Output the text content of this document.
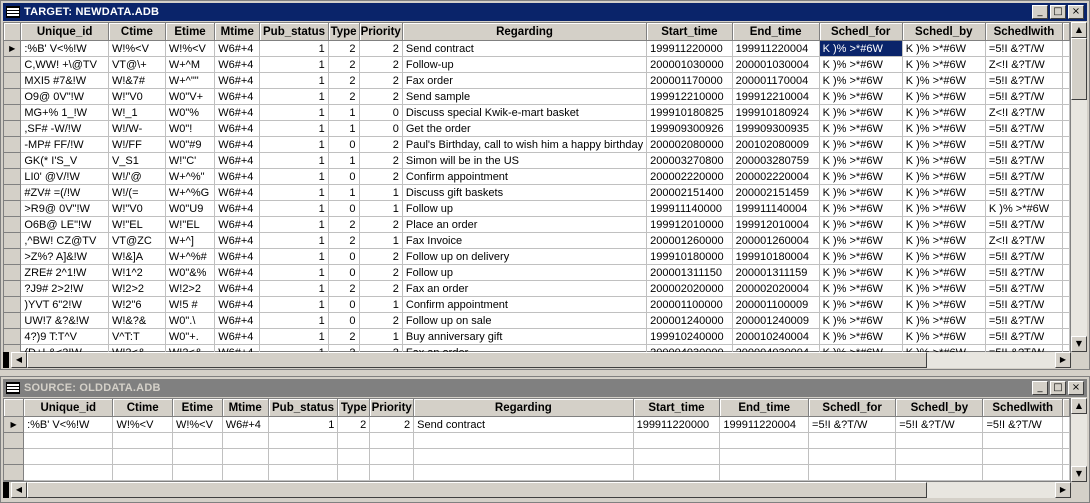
TARGET: NEWDATA.ADB	_	□ ×
	Unique_id	Ctime	Etime	Mtime	Pub_status	Type	Priority	Regarding	Start_time	End_time	Schedl_for	Schedl_by	Schedlwith	
▶	:%B' V<%!W	W!%<V	W!%<V	W6#+4	1	2	2	Send contract	199911220000	199911220004	K )% >*#6W	K )% >*#6W	=5!I &?T/W	
	C,WW! +\@TV	VT@\+	W+^M	W6#+4	1	2	2	Follow-up	200001030000	200001030004	K )% >*#6W	K )% >*#6W	Z<!I &?T/W	
	MXI5 #7&!W	W!&7#	W+^""	W6#+4	1	2	2	Fax order	200001170000	200001170004	K )% >*#6W	K )% >*#6W	=5!I &?T/W	
	O9@ 0V"!W	W!"V0	W0"V+	W6#+4	1	2	2	Send sample	199912210000	199912210004	K )% >*#6W	K )% >*#6W	=5!I &?T/W	
	MG+% 1_!W	W!_1	W0"%	W6#+4	1	1	0	Discuss special Kwik-e-mart basket	199910180825	199910180924	K )% >*#6W	K )% >*#6W	Z<!I &?T/W	
	,SF# -W/!W	W!/W-	W0"!	W6#+4	1	1	0	Get the order	199909300926	199909300935	K )% >*#6W	K )% >*#6W	=5!I &?T/W	
	-MP# FF/!W	W!/FF	W0"#9	W6#+4	1	0	2	Paul's Birthday, call to wish him a happy birthday	200002080000	200102080009	K )% >*#6W	K )% >*#6W	=5!I &?T/W	
	GK(* I'S_V	V_S1	W!"C'	W6#+4	1	1	2	Simon will be in the US	200003270800	200003280759	K )% >*#6W	K )% >*#6W	=5!I &?T/W	
	LI0' @V/!W	W!/'@	W+^%"	W6#+4	1	0	2	Confirm appointment	200002220000	200002220004	K )% >*#6W	K )% >*#6W	=5!I &?T/W	
	#ZV# =(/!W	W!/(=	W+^%G	W6#+4	1	1	1	Discuss gift baskets	200002151400	200002151459	K )% >*#6W	K )% >*#6W	=5!I &?T/W	
	>R9@ 0V"!W	W!"V0	W0"U9	W6#+4	1	0	1	Follow up	199911140000	199911140004	K )% >*#6W	K )% >*#6W	K )% >*#6W	
	O6B@ LE"!W	W!"EL	W!"EL	W6#+4	1	2	2	Place an order	199912010000	199912010004	K )% >*#6W	K )% >*#6W	=5!I &?T/W	
	,^BW! CZ@TV	VT@ZC	W+^]	W6#+4	1	2	1	Fax Invoice	200001260000	200001260004	K )% >*#6W	K )% >*#6W	Z<!I &?T/W	
	>Z%? A]&!W	W!&]A	W+^%#	W6#+4	1	0	2	Follow up on delivery	199910180000	199910180004	K )% >*#6W	K )% >*#6W	=5!I &?T/W	
	ZRE# 2^1!W	W!1^2	W0"&%	W6#+4	1	0	2	Follow up	200001311150	200001311159	K )% >*#6W	K )% >*#6W	=5!I &?T/W	
	?J9# 2>2!W	W!2>2	W!2>2	W6#+4	1	2	2	Fax an order	200002020000	200002020004	K )% >*#6W	K )% >*#6W	=5!I &?T/W	
	)YVT 6"2!W	W!2"6	W!5 #	W6#+4	1	0	1	Confirm appointment	200001100000	200001100009	K )% >*#6W	K )% >*#6W	=5!I &?T/W	
	UW!7 &?&!W	W!&?&	W0".\	W6#+4	1	0	2	Follow up on sale	200001240000	200001240009	K )% >*#6W	K )% >*#6W	=5!I &?T/W	
	4?)9 T:T^V	V^T:T	W0"+.	W6#+4	1	2	1	Buy anniversary gift	199910240000	200010240004	K )% >*#6W	K )% >*#6W	=5!I &?T/W	

▲
▼
◀	▶
SOURCE: OLDDATA.ADB	_	□ ×
	Unique_id	Ctime	Etime	Mtime	Pub_status	Type	Priority	Regarding	Start_time	End_time	Schedl_for	Schedl_by	Schedlwith	
▶	:%B' V<%!W	W!%<V	W!%<V	W6#+4	1	2	2	Send contract	199911220000	199911220004	=5!I &?T/W	=5!I &?T/W	=5!I &?T/W	

▲
▼
◀	▶
